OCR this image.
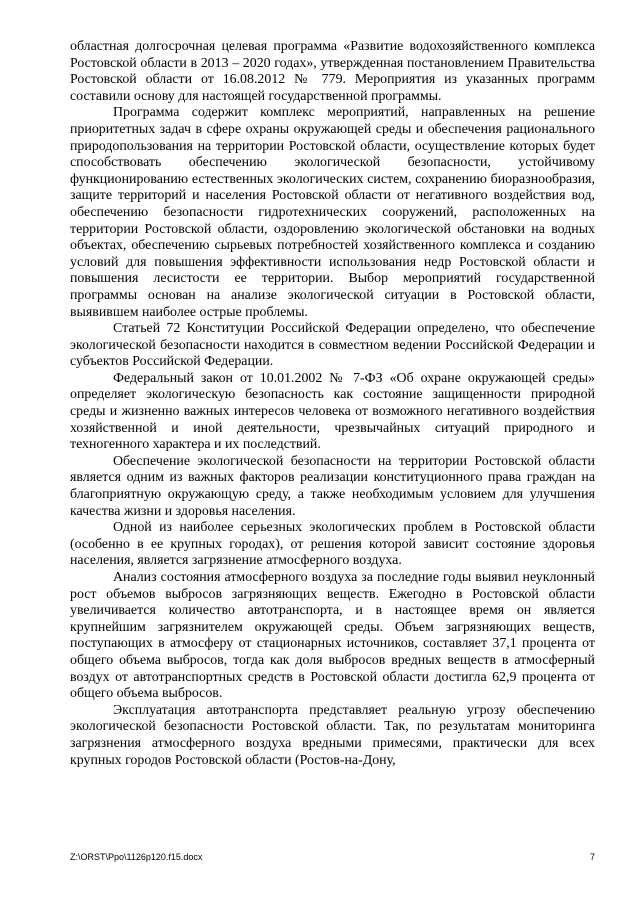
областная долгосрочная целевая программа «Развитие водохозяйственного комплекса Ростовской области в 2013 – 2020 годах», утвержденная постановлением Правительства Ростовской области от 16.08.2012 № 779. Мероприятия из указанных программ составили основу для настоящей государственной программы.

Программа содержит комплекс мероприятий, направленных на решение приоритетных задач в сфере охраны окружающей среды и обеспечения рационального природопользования на территории Ростовской области, осуществление которых будет способствовать обеспечению экологической безопасности, устойчивому функционированию естественных экологических систем, сохранению биоразнообразия, защите территорий и населения Ростовской области от негативного воздействия вод, обеспечению безопасности гидротехнических сооружений, расположенных на территории Ростовской области, оздоровлению экологической обстановки на водных объектах, обеспечению сырьевых потребностей хозяйственного комплекса и созданию условий для повышения эффективности использования недр Ростовской области и повышения лесистости ее территории. Выбор мероприятий государственной программы основан на анализе экологической ситуации в Ростовской области, выявившем наиболее острые проблемы.

Статьей 72 Конституции Российской Федерации определено, что обеспечение экологической безопасности находится в совместном ведении Российской Федерации и субъектов Российской Федерации.

Федеральный закон от 10.01.2002 № 7-ФЗ «Об охране окружающей среды» определяет экологическую безопасность как состояние защищенности природной среды и жизненно важных интересов человека от возможного негативного воздействия хозяйственной и иной деятельности, чрезвычайных ситуаций природного и техногенного характера и их последствий.

Обеспечение экологической безопасности на территории Ростовской области является одним из важных факторов реализации конституционного права граждан на благоприятную окружающую среду, а также необходимым условием для улучшения качества жизни и здоровья населения.

Одной из наиболее серьезных экологических проблем в Ростовской области (особенно в ее крупных городах), от решения которой зависит состояние здоровья населения, является загрязнение атмосферного воздуха.

Анализ состояния атмосферного воздуха за последние годы выявил неуклонный рост объемов выбросов загрязняющих веществ. Ежегодно в Ростовской области увеличивается количество автотранспорта, и в настоящее время он является крупнейшим загрязнителем окружающей среды. Объем загрязняющих веществ, поступающих в атмосферу от стационарных источников, составляет 37,1 процента от общего объема выбросов, тогда как доля выбросов вредных веществ в атмосферный воздух от автотранспортных средств в Ростовской области достигла 62,9 процента от общего объема выбросов.

Эксплуатация автотранспорта представляет реальную угрозу обеспечению экологической безопасности Ростовской области. Так, по результатам мониторинга загрязнения атмосферного воздуха вредными примесями, практически для всех крупных городов Ростовской области (Ростов-на-Дону,

Z:\ORST\Ppo\1126p120.f15.docx	7
